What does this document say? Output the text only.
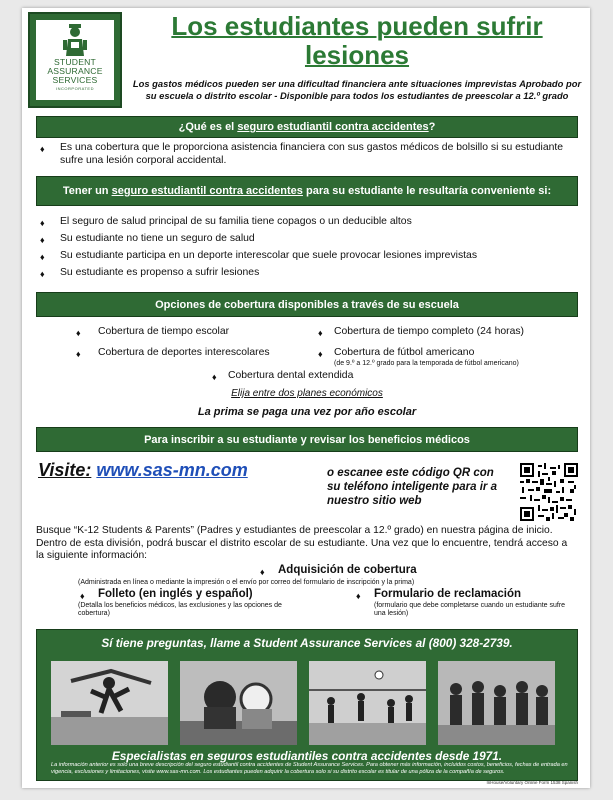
STUDENT
ASSURANCE
SERVICES
INCORPORATED
Los estudiantes pueden sufrir lesiones
Los gastos médicos pueden ser una dificultad financiera ante situaciones imprevistas Aprobado por su escuela o distrito escolar - Disponible para todos los estudiantes de preescolar a 12.º grado
¿Qué es el
seguro estudiantil contra accidentes ?
♦ Es una cobertura que le proporciona asistencia financiera con sus gastos médicos de bolsillo si su estudiante sufre una lesión corporal accidental.
Tener un seguro estudiantil contra accidentes para su estudiante le resultaría conveniente si:
♦ El seguro de salud principal de su familia tiene copagos o un deducible altos
♦ Su estudiante no tiene un seguro de salud
♦ Su estudiante participa en un deporte interescolar que suele provocar lesiones imprevistas
♦ Su estudiante es propenso a sufrir lesiones
Opciones de cobertura disponibles a través de su escuela
♦ Cobertura de tiempo escolar	♦ Cobertura de tiempo completo (24 horas)
♦ Cobertura de deportes interescolares	♦ Cobertura de fútbol americano
(de 9.º a 12.º grado para la temporada de fútbol americano)
♦ Cobertura dental extendida
Elija entre dos planes económicos
La prima se paga una vez por año escolar
Para inscribir a su estudiante y revisar los beneficios médicos
Visite: www.sas-mn.com	o escanee este código QR con su teléfono inteligente para ir a nuestro sitio web
Busque “K-12 Students & Parents” (Padres y estudiantes de preescolar a 12.º grado) en nuestra página de inicio. Dentro de esta división, podrá buscar el distrito escolar de su estudiante. Una vez que lo encuentre, tendrá acceso a la siguiente información:
♦ Adquisición de cobertura
(Administrada en línea o mediante la impresión o el envío por correo del formulario de inscripción y la prima)
♦ Folleto (en inglés y español)
(Detalla los beneficios médicos, las exclusiones y las opciones de cobertura)
♦ Formulario de reclamación
(formulario que debe completarse cuando un estudiante sufre una lesión)
Sí tiene preguntas, llame a Student Assurance Services al (800) 328-2739.
Especialistas en seguros estudiantiles contra accidentes desde 1971.
La información anterior es solo una breve descripción del seguro estudiantil contra accidentes de Student Assurance Services. Para obtener más información, incluidos costos, beneficios, fechas de entrada en vigencia, exclusiones y limitaciones, visite www.sas-mn.com. Los estudiantes pueden adquirir la cobertura solo si su distrito escolar es titular de una póliza de la compañía de seguros.
InHouse/Voluntary Online Form 1538 Spanish
